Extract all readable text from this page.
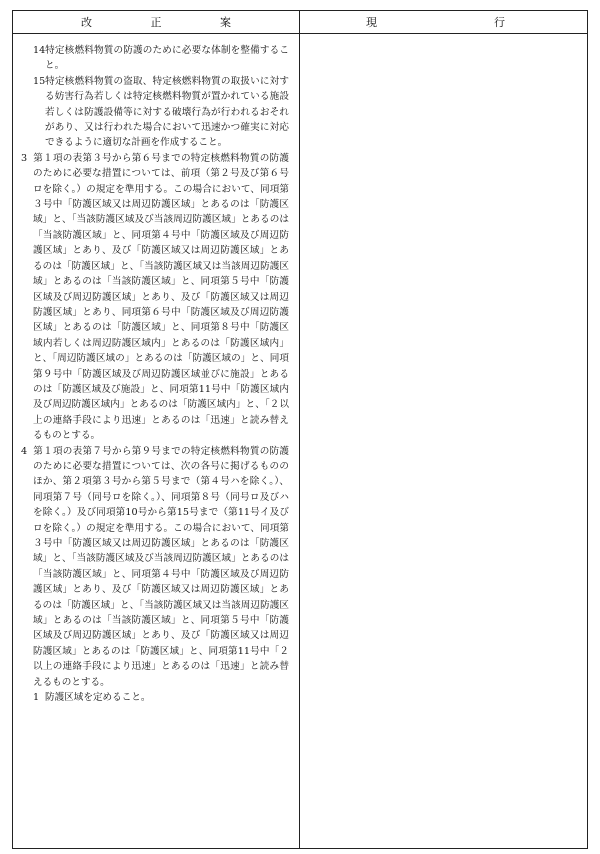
改 正 案	現 行

14特定核燃料物質の防護のために必要な体制を整備すること。

15特定核燃料物質の盗取、特定核燃料物質の取扱いに対する妨害行為若しくは特定核燃料物質が置かれている施設若しくは防護設備等に対する破壊行為が行われるおそれがあり、又は行われた場合において迅速かつ確実に対応できるように適切な計画を作成すること。

3 第１項の表第３号から第６号までの特定核燃料物質の防護のために必要な措置については、前項（第２号及び第６号ロを除く。）の規定を準用する。この場合において、同項第３号中「防護区域又は周辺防護区域」とあるのは「防護区域」と、「当該防護区域及び当該周辺防護区域」とあるのは「当該防護区域」と、同項第４号中「防護区域及び周辺防護区域」とあり、及び「防護区域又は周辺防護区域」とあるのは「防護区域」と、「当該防護区域又は当該周辺防護区域」とあるのは「当該防護区域」と、同項第５号中「防護区域及び周辺防護区域」とあり、及び「防護区域又は周辺防護区域」とあり、同項第６号中「防護区域及び周辺防護区域」とあるのは「防護区域」と、同項第８号中「防護区域内若しくは周辺防護区域内」とあるのは「防護区域内」と、「周辺防護区域の」とあるのは「防護区域の」と、同項第９号中「防護区域及び周辺防護区域並びに施設」とあるのは「防護区域及び施設」と、同項第11号中「防護区域内及び周辺防護区域内」とあるのは「防護区域内」と、「２以上の連絡手段により迅速」とあるのは「迅速」と読み替えるものとする。

4 第１項の表第７号から第９号までの特定核燃料物質の防護のために必要な措置については、次の各号に掲げるもののほか、第２項第３号から第５号まで（第４号ハを除く。）、同項第７号（同号ロを除く。）、同項第８号（同号ロ及びハを除く。）及び同項第10号から第15号まで（第11号イ及びロを除く。）の規定を準用する。この場合において、同項第３号中「防護区域又は周辺防護区域」とあるのは「防護区域」と、「当該防護区域及び当該周辺防護区域」とあるのは「当該防護区域」と、同項第４号中「防護区域及び周辺防護区域」とあり、及び「防護区域又は周辺防護区域」とあるのは「防護区域」と、「当該防護区域又は当該周辺防護区域」とあるのは「当該防護区域」と、同項第５号中「防護区域及び周辺防護区域」とあり、及び「防護区域又は周辺防護区域」とあるのは「防護区域」と、同項第11号中「２以上の連絡手段により迅速」とあるのは「迅速」と読み替えるものとする。

1 防護区域を定めること。	
